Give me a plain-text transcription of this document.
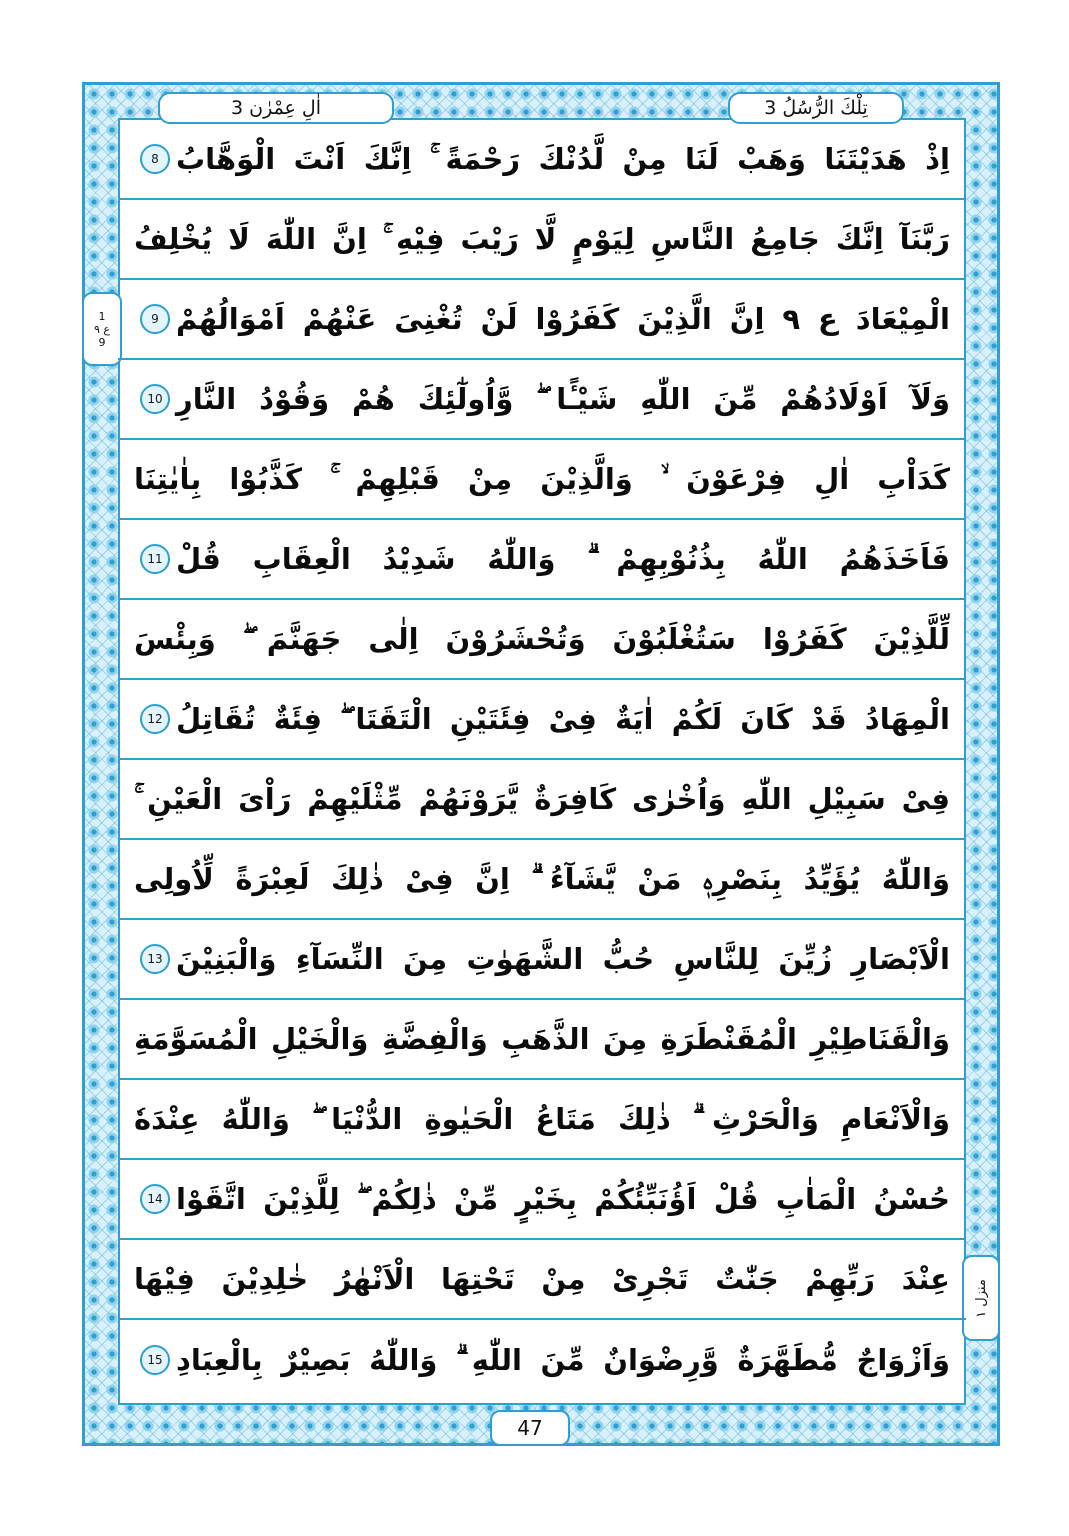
اٰلِ عِمْرٰن 3	تِلْكَ الرُّسُلُ 3
1
ع ۹
9
منزل ۱
اِذْ هَدَيْتَنَا وَهَبْ لَنَا مِنْ لَّدُنْكَ رَحْمَةً ۚ اِنَّكَ اَنْتَ الْوَهَّابُ
8
رَبَّنَآ اِنَّكَ جَامِعُ النَّاسِ لِيَوْمٍ لَّا رَيْبَ فِيْهِ ۚ اِنَّ اللّٰهَ لَا يُخْلِفُ
الْمِيْعَادَ ع ۹ اِنَّ الَّذِيْنَ كَفَرُوْا لَنْ تُغْنِىَ عَنْهُمْ اَمْوَالُهُمْ
9
وَلَآ اَوْلَادُهُمْ مِّنَ اللّٰهِ شَيْـًٔا ۖ وَّاُولٰٓئِكَ هُمْ وَقُوْدُ النَّارِ
10
كَدَاْبِ اٰلِ فِرْعَوْنَ ۙ وَالَّذِيْنَ مِنْ قَبْلِهِمْ ۚ كَذَّبُوْا بِاٰيٰتِنَا
فَاَخَذَهُمُ اللّٰهُ بِذُنُوْبِهِمْ ۗ وَاللّٰهُ شَدِيْدُ الْعِقَابِ قُلْ
11
لِّلَّذِيْنَ كَفَرُوْا سَتُغْلَبُوْنَ وَتُحْشَرُوْنَ اِلٰى جَهَنَّمَ ۖ وَبِئْسَ
الْمِهَادُ قَدْ كَانَ لَكُمْ اٰيَةٌ فِىْ فِئَتَيْنِ الْتَقَتَا ۖ فِئَةٌ تُقَاتِلُ
12
فِىْ سَبِيْلِ اللّٰهِ وَاُخْرٰى كَافِرَةٌ يَّرَوْنَهُمْ مِّثْلَيْهِمْ رَاْىَ الْعَيْنِ ۚ
وَاللّٰهُ يُؤَيِّدُ بِنَصْرِهٖ مَنْ يَّشَآءُ ۗ اِنَّ فِىْ ذٰلِكَ لَعِبْرَةً لِّاُولِى
الْاَبْصَارِ زُيِّنَ لِلنَّاسِ حُبُّ الشَّهَوٰتِ مِنَ النِّسَآءِ وَالْبَنِيْنَ
13
وَالْقَنَاطِيْرِ الْمُقَنْطَرَةِ مِنَ الذَّهَبِ وَالْفِضَّةِ وَالْخَيْلِ الْمُسَوَّمَةِ
وَالْاَنْعَامِ وَالْحَرْثِ ۗ ذٰلِكَ مَتَاعُ الْحَيٰوةِ الدُّنْيَا ۖ وَاللّٰهُ عِنْدَهٗ
حُسْنُ الْمَاٰبِ قُلْ اَؤُنَبِّئُكُمْ بِخَيْرٍ مِّنْ ذٰلِكُمْ ۖ لِلَّذِيْنَ اتَّقَوْا
14
عِنْدَ رَبِّهِمْ جَنّٰتٌ تَجْرِىْ مِنْ تَحْتِهَا الْاَنْهٰرُ خٰلِدِيْنَ فِيْهَا
وَاَزْوَاجٌ مُّطَهَّرَةٌ وَّرِضْوَانٌ مِّنَ اللّٰهِ ۗ وَاللّٰهُ بَصِيْرٌ بِالْعِبَادِ
15
47
